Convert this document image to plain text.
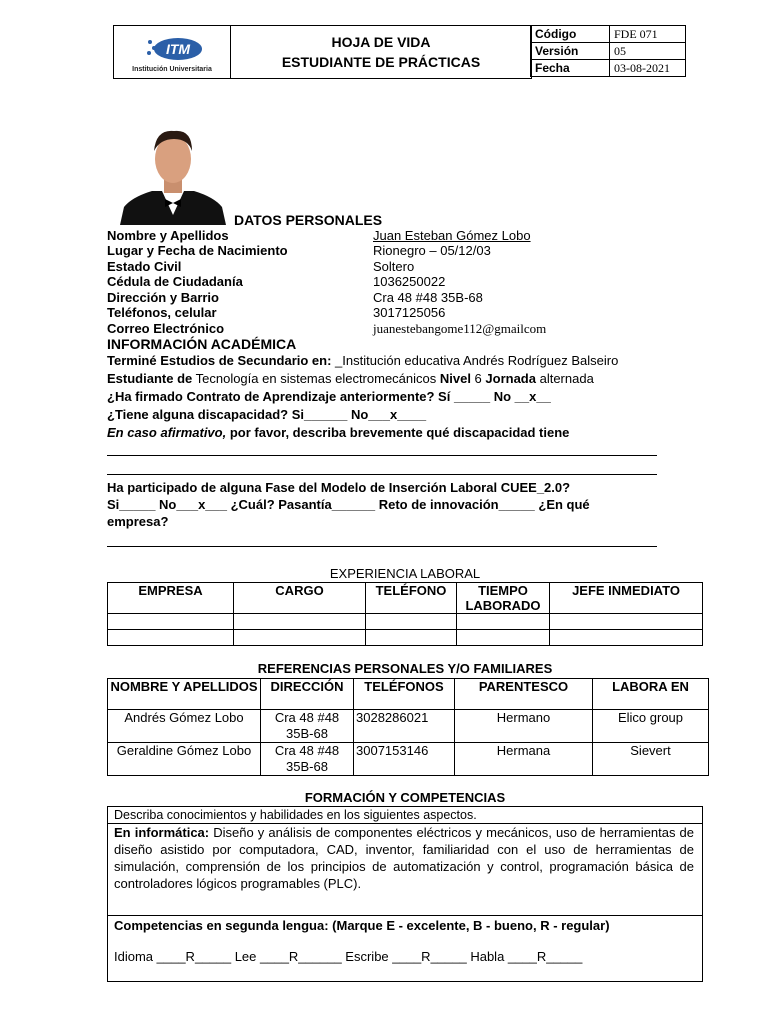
ITM
Institución Universitaria

HOJA DE VIDA
ESTUDIANTE DE PRÁCTICAS
Código	FDE 071
Versión	05
Fecha	03-08-2021
DATOS PERSONALES
Nombre y Apellidos	Juan Esteban Gómez Lobo
Lugar y Fecha de Nacimiento	Rionegro – 05/12/03
Estado Civil	Soltero
Cédula de Ciudadanía	1036250022
Dirección y Barrio	Cra 48 #48 35B-68
Teléfonos, celular	3017125056
Correo Electrónico	juanestebangome112@gmailcom
INFORMACIÓN ACADÉMICA
Terminé Estudios de Secundario en: _Institución educativa Andrés Rodríguez Balseiro
Estudiante de Tecnología en sistemas electromecánicos Nivel 6 Jornada alternada
¿Ha firmado Contrato de Aprendizaje anteriormente? Sí _____ No __x__
¿Tiene alguna discapacidad? Si______ No___x____
En caso afirmativo, por favor, describa brevemente qué discapacidad tiene
Ha participado de alguna Fase del Modelo de Inserción Laboral CUEE_2.0?
Si_____ No___x___ ¿Cuál? Pasantía______ Reto de innovación_____ ¿En qué
empresa?
EXPERIENCIA LABORAL
EMPRESA	CARGO	TELÉFONO	TIEMPO LABORADO	JEFE INMEDIATO

REFERENCIAS PERSONALES Y/O FAMILIARES
NOMBRE Y APELLIDOS	DIRECCIÓN	TELÉFONOS	PARENTESCO	LABORA EN
Andrés Gómez Lobo	Cra 48 #48 35B-68	3028286021	Hermano	Elico group
Geraldine Gómez Lobo	Cra 48 #48 35B-68	3007153146	Hermana	Sievert
FORMACIÓN Y COMPETENCIAS
Describa conocimientos y habilidades en los siguientes aspectos.
En informática: Diseño y análisis de componentes eléctricos y mecánicos, uso de herramientas de diseño asistido por computadora, CAD, inventor, familiaridad con el uso de herramientas de simulación, comprensión de los principios de automatización y control, programación básica de controladores lógicos programables (PLC).
Competencias en segunda lengua: (Marque E - excelente, B - bueno, R - regular)
Idioma ____R_____ Lee ____R______ Escribe ____R_____ Habla ____R_____
